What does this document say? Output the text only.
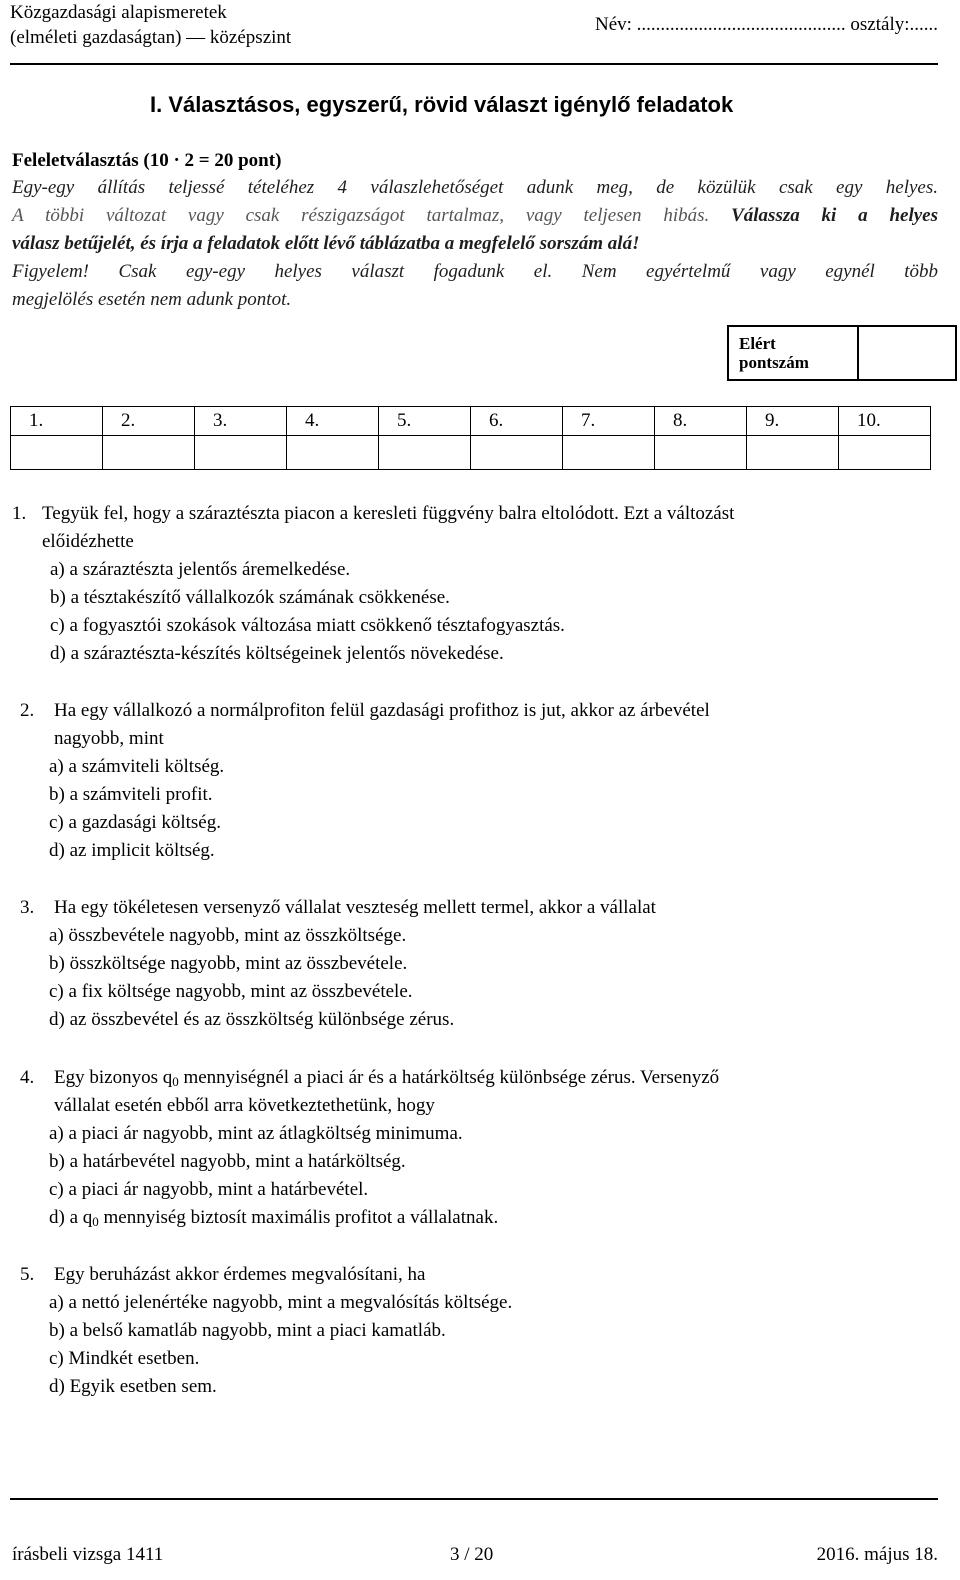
Közgazdasági alapismeretek
(elméleti gazdaságtan) — középszint
Név: ............................................ osztály:......
I. Választásos, egyszerű, rövid választ igénylő feladatok
Feleletválasztás (10 · 2 = 20 pont)
Egy-egy állítás teljessé tételéhez 4 válaszlehetőséget adunk meg, de közülük csak egy helyes.
A többi változat vagy csak részigazságot tartalmaz, vagy teljesen hibás. Válassza ki a helyes
válasz betűjelét, és írja a feladatok előtt lévő táblázatba a megfelelő sorszám alá!
Figyelem! Csak egy-egy helyes választ fogadunk el. Nem egyértelmű vagy egynél több
megjelölés esetén nem adunk pontot.
Elért
pontszám

1.	2.	3.	4.	5.	6.	7.	8.	9.	10.

1. Tegyük fel, hogy a száraztészta piacon a keresleti függvény balra eltolódott. Ezt a változást
előidézhette
a) a száraztészta jelentős áremelkedése.
b) a tésztakészítő vállalkozók számának csökkenése.
c) a fogyasztói szokások változása miatt csökkenő tésztafogyasztás.
d) a száraztészta-készítés költségeinek jelentős növekedése.
2. Ha egy vállalkozó a normálprofiton felül gazdasági profithoz is jut, akkor az árbevétel
nagyobb, mint
a) a számviteli költség.
b) a számviteli profit.
c) a gazdasági költség.
d) az implicit költség.
3. Ha egy tökéletesen versenyző vállalat veszteség mellett termel, akkor a vállalat
a) összbevétele nagyobb, mint az összköltsége.
b) összköltsége nagyobb, mint az összbevétele.
c) a fix költsége nagyobb, mint az összbevétele.
d) az összbevétel és az összköltség különbsége zérus.
4. Egy bizonyos $q_0$ mennyiségnél a piaci ár és a határköltség különbsége zérus. Versenyző
vállalat esetén ebből arra következtethetünk, hogy
a) a piaci ár nagyobb, mint az átlagköltség minimuma.
b) a határbevétel nagyobb, mint a határköltség.
c) a piaci ár nagyobb, mint a határbevétel.
d) a $q_0$ mennyiség biztosít maximális profitot a vállalatnak.
5. Egy beruházást akkor érdemes megvalósítani, ha
a) a nettó jelenértéke nagyobb, mint a megvalósítás költsége.
b) a belső kamatláb nagyobb, mint a piaci kamatláb.
c) Mindkét esetben.
d) Egyik esetben sem.
írásbeli vizsga 1411	3 / 20	2016. május 18.
